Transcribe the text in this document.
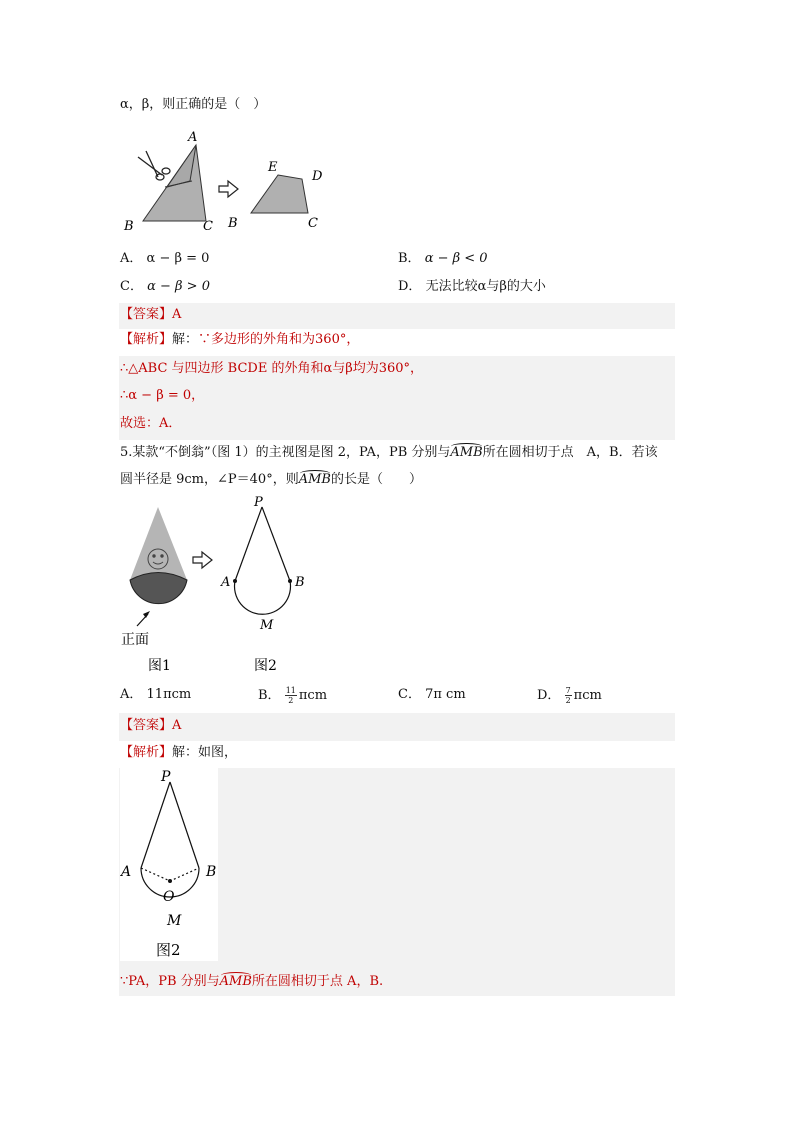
α，β，则正确的是（　）
A
B	C
E
D
B	C
A． α − β = 0	B． α − β < 0
C． α − β > 0	D． 无法比较α与β的大小
【答案】A
【解析】解：∵多边形的外角和为360°，
∴△ABC 与四边形 BCDE 的外角和α与β均为360°，
∴α − β = 0，
故选：A．
5.某款“不倒翁”（图 1）的主视图是图 2，PA，PB 分别与AMB所在圆相切于点　A，B．若该
圆半径是 9cm，∠P＝40°，则AMB的长是（　　）
正面
图1
P
A	B
M
图2
A． 11πcm	B． $\frac{11}{2}$ πcm	C． 7π cm	D． $\frac{7}{2}$ πcm
【答案】A
【解析】解：如图，
P
A	B
O
M
图2
∵PA，PB 分别与AMB所在圆相切于点 A，B.
